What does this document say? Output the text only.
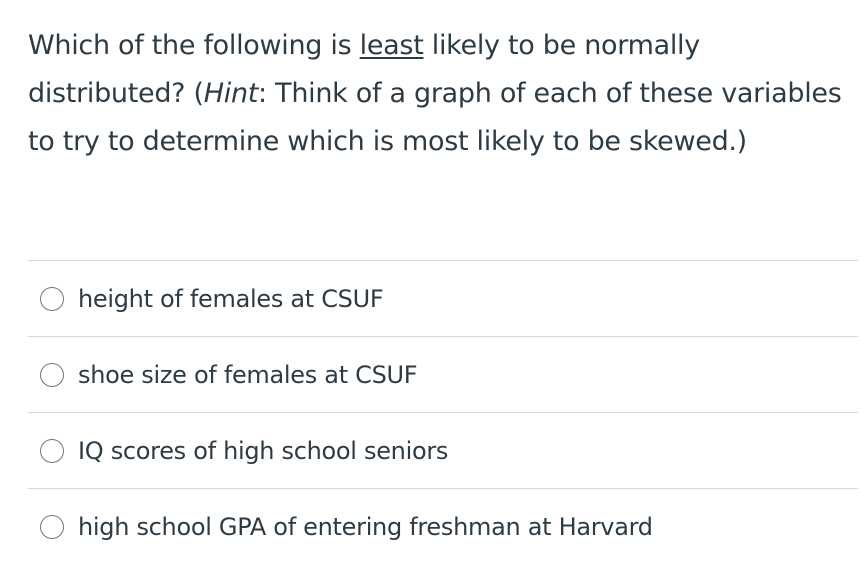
Which of the following is least likely to be normally distributed? (Hint: Think of a graph of each of these variables to try to determine which is most likely to be skewed.)
height of females at CSUF
shoe size of females at CSUF
IQ scores of high school seniors
high school GPA of entering freshman at Harvard
